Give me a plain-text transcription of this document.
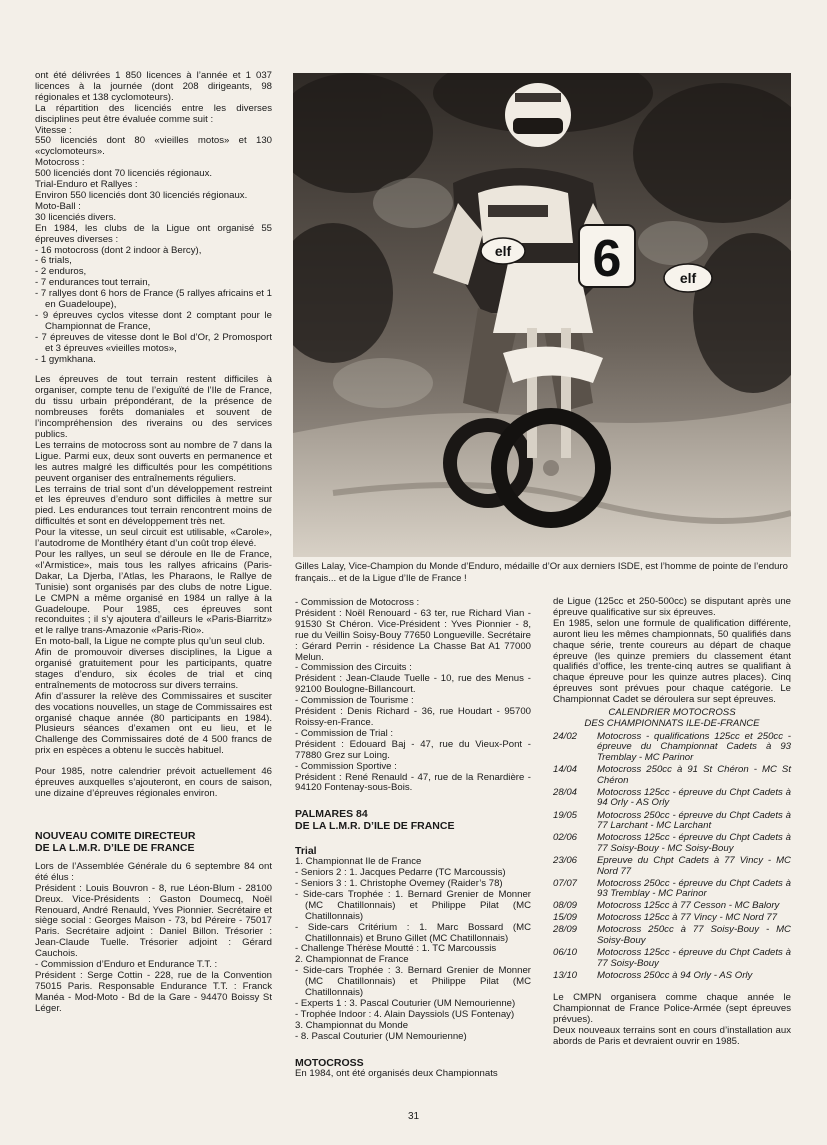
ont été délivrées 1 850 licences à l’année et 1 037 licences à la journée (dont 208 dirigeants, 98 régionales et 138 cyclomoteurs).

La répartition des licenciés entre les diverses disciplines peut être évaluée comme suit :

Vitesse :

550 licenciés dont 80 «vieilles motos» et 130 «cyclomoteurs».

Motocross :

500 licenciés dont 70 licenciés régionaux.

Trial-Enduro et Rallyes :

Environ 550 licenciés dont 30 licenciés régionaux.

Moto-Ball :

30 licenciés divers.

En 1984, les clubs de la Ligue ont organisé 55 épreuves diverses :

- 16 motocross (dont 2 indoor à Bercy),

- 6 trials,

- 2 enduros,

- 7 endurances tout terrain,

- 7 rallyes dont 6 hors de France (5 rallyes africains et 1 en Guadeloupe),

- 9 épreuves cyclos vitesse dont 2 comptant pour le Championnat de France,

- 7 épreuves de vitesse dont le Bol d’Or, 2 Promosport et 3 épreuves «vieilles motos»,

- 1 gymkhana.

Les épreuves de tout terrain restent difficiles à organiser, compte tenu de l’exiguïté de l’Ile de France, du tissu urbain prépondérant, de la présence de nombreuses forêts domaniales et souvent de l’incompréhension des riverains ou des services publics.

Les terrains de motocross sont au nombre de 7 dans la Ligue. Parmi eux, deux sont ouverts en permanence et les autres malgré les difficultés pour les compétitions peuvent organiser des entraînements réguliers.

Les terrains de trial sont d’un développement restreint et les épreuves d’enduro sont difficiles à mettre sur pied. Les endurances tout terrain rencontrent moins de difficultés et sont en développement très net.

Pour la vitesse, un seul circuit est utilisable, «Carole», l’autodrome de Montlhéry étant d’un coût trop élevé.

Pour les rallyes, un seul se déroule en Ile de France, «l’Armistice», mais tous les rallyes africains (Paris-Dakar, La Djerba, l’Atlas, les Pharaons, le Rallye de Tunisie) sont organisés par des clubs de notre Ligue. Le CMPN a même organisé en 1984 un rallye à la Guadeloupe. Pour 1985, ces épreuves sont reconduites ; il s’y ajoutera d’ailleurs le «Paris-Biarritz» et le rallye trans-Amazonie «Paris-Rio».

En moto-ball, la Ligue ne compte plus qu’un seul club.

Afin de promouvoir diverses disciplines, la Ligue a organisé gratuitement pour les participants, quatre stages d’enduro, six écoles de trial et cinq entraînements de motocross sur divers terrains.

Afin d’assurer la relève des Commissaires et susciter des vocations nouvelles, un stage de Commissaires est organisé chaque année (80 participants en 1984). Plusieurs séances d’examen ont eu lieu, et le Challenge des Commissaires doté de 4 500 francs de prix en espèces a obtenu le succès habituel.

Pour 1985, notre calendrier prévoit actuellement 46 épreuves auxquelles s’ajouteront, en cours de saison, une dizaine d’épreuves régionales environ.

NOUVEAU COMITE DIRECTEUR

DE LA L.M.R. D’ILE DE FRANCE

Lors de l’Assemblée Générale du 6 septembre 84 ont été élus :

Président : Louis Bouvron - 8, rue Léon-Blum - 28100 Dreux. Vice-Présidents : Gaston Doumecq, Noël Renouard, André Renauld, Yves Pionnier. Secrétaire et siège social : Georges Maison - 73, bd Péreire - 75017 Paris. Secrétaire adjoint : Daniel Billon. Trésorier : Jean-Claude Tuelle. Trésorier adjoint : Gérard Cauchois.

- Commission d’Enduro et Endurance T.T. :

Président : Serge Cottin - 228, rue de la Convention 75015 Paris. Responsable Endurance T.T. : Franck Manéa - Mod-Moto - Bd de la Gare - 94470 Boissy St Léger.

6
elf
elf

Gilles Lalay, Vice-Champion du Monde d’Enduro, médaille d’Or aux derniers ISDE, est l’homme de pointe de l’enduro français... et de la Ligue d’Ile de France !

- Commission de Motocross :

Président : Noël Renouard - 63 ter, rue Richard Vian - 91530 St Chéron. Vice-Président : Yves Pionnier - 8, rue du Veillin Soisy-Bouy 77650 Longueville. Secrétaire : Gérard Perrin - résidence La Chasse Bat A1 77000 Melun.

- Commission des Circuits :

Président : Jean-Claude Tuelle - 10, rue des Menus - 92100 Boulogne-Billancourt.

- Commission de Tourisme :

Président : Denis Richard - 36, rue Houdart - 95700 Roissy-en-France.

- Commission de Trial :

Président : Edouard Baj - 47, rue du Vieux-Pont - 77880 Grez sur Loing.

- Commission Sportive :

Président : René Renauld - 47, rue de la Renardière - 94120 Fontenay-sous-Bois.

PALMARES 84

DE LA L.M.R. D’ILE DE FRANCE

Trial

1. Championnat Ile de France

- Seniors 2 : 1. Jacques Pedarre (TC Marcoussis)

- Seniors 3 : 1. Christophe Ovemey (Raider’s 78)

- Side-cars Trophée : 1. Bernard Grenier de Monner (MC Chatillonnais) et Philippe Pilat (MC Chatillonnais)

- Side-cars Critérium : 1. Marc Bossard (MC Chatillonnais) et Bruno Gillet (MC Chatillonnais)

- Challenge Thérèse Moutté : 1. TC Marcoussis

2. Championnat de France

- Side-cars Trophée : 3. Bernard Grenier de Monner (MC Chatillonnais) et Philippe Pilat (MC Chatillonnais)

- Experts 1 : 3. Pascal Couturier (UM Nemourienne)

- Trophée Indoor : 4. Alain Dayssiols (US Fontenay)

3. Championnat du Monde

- 8. Pascal Couturier (UM Nemourienne)

MOTOCROSS

En 1984, ont été organisés deux Championnats

de Ligue (125cc et 250-500cc) se disputant après une épreuve qualificative sur six épreuves.

En 1985, selon une formule de qualification différente, auront lieu les mêmes championnats, 50 qualifiés dans chaque série, trente coureurs au départ de chaque épreuve (les quinze premiers du classement étant qualifiés d’office, les trente-cinq autres se qualifiant à chaque épreuve pour les quinze autres places). Cinq épreuves sont prévues pour chaque catégorie. Le Championnat Cadet se déroulera sur sept épreuves.

CALENDRIER MOTOCROSS

DES CHAMPIONNATS ILE-DE-FRANCE

24/02	Motocross - qualifications 125cc et 250cc - épreuve du Championnat Cadets à 93 Tremblay - MC Parinor
14/04	Motocross 250cc à 91 St Chéron - MC St Chéron
28/04	Motocross 125cc - épreuve du Chpt Cadets à 94 Orly - AS Orly
19/05	Motocross 250cc - épreuve du Chpt Cadets à 77 Larchant - MC Larchant
02/06	Motocross 125cc - épreuve du Chpt Cadets à 77 Soisy-Bouy - MC Soisy-Bouy
23/06	Epreuve du Chpt Cadets à 77 Vincy - MC Nord 77
07/07	Motocross 250cc - épreuve du Chpt Cadets à 93 Tremblay - MC Parinor
08/09	Motocross 125cc à 77 Cesson - MC Balory
15/09	Motocross 125cc à 77 Vincy - MC Nord 77
28/09	Motocross 250cc à 77 Soisy-Bouy - MC Soisy-Bouy
06/10	Motocross 125cc - épreuve du Chpt Cadets à 77 Soisy-Bouy
13/10	Motocross 250cc à 94 Orly - AS Orly

Le CMPN organisera comme chaque année le Championnat de France Police-Armée (sept épreuves prévues).

Deux nouveaux terrains sont en cours d’installation aux abords de Paris et devraient ouvrir en 1985.

31
